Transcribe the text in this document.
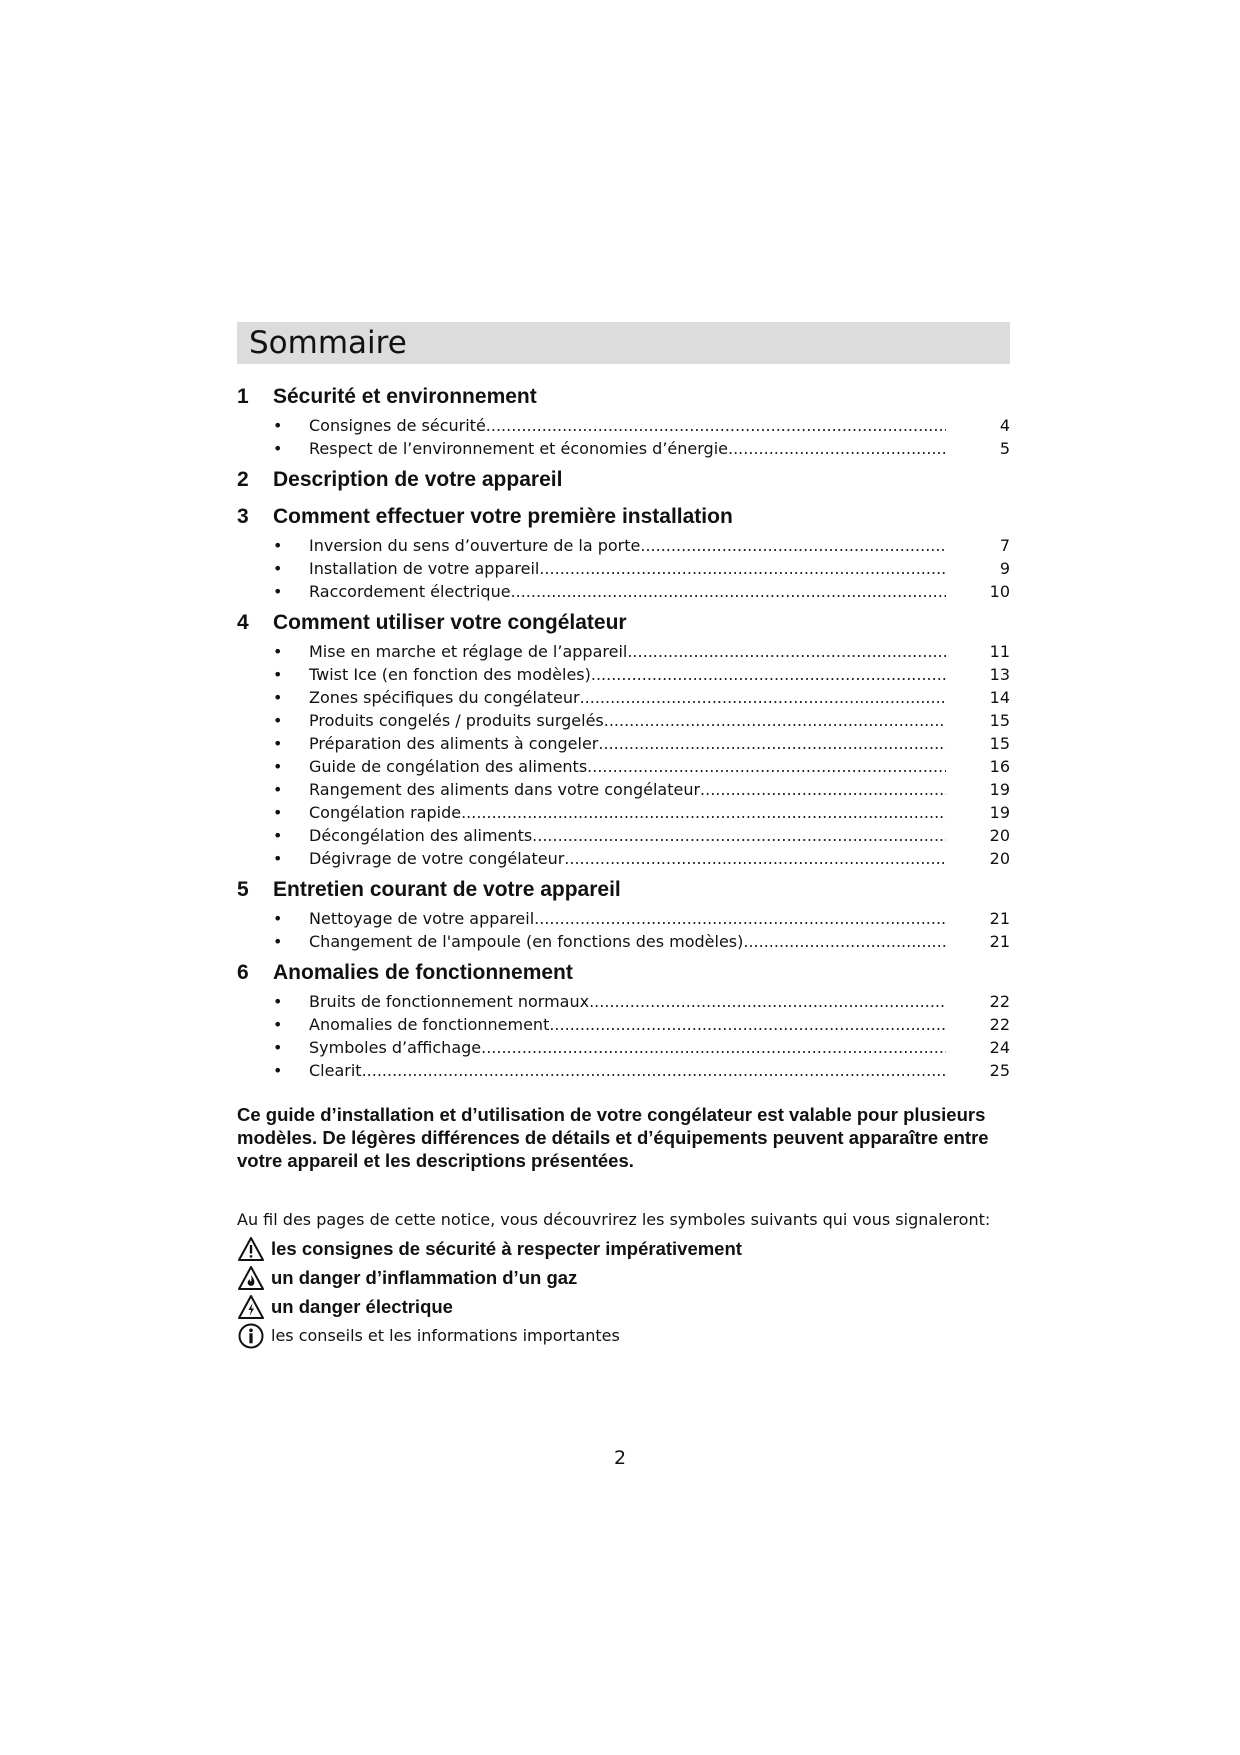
Sommaire
1	Sécurité et environnement
•	Consignes de sécurité .....	4
•	Respect de l’environnement et économies d’énergie .....	5
2	Description de votre appareil
3	Comment effectuer votre première installation
•	Inversion du sens d’ouverture de la porte .....	7
•	Installation de votre appareil .....	9
•	Raccordement électrique .....	10
4	Comment utiliser votre congélateur
•	Mise en marche et réglage de l’appareil .....	11
•	Twist Ice (en fonction des modèles) .....	13
•	Zones spécifiques du congélateur .....	14
•	Produits congelés / produits surgelés .....	15
•	Préparation des aliments à congeler .....	15
•	Guide de congélation des aliments .....	16
•	Rangement des aliments dans votre congélateur .....	19
•	Congélation rapide .....	19
•	Décongélation des aliments .....	20
•	Dégivrage de votre congélateur .....	20
5	Entretien courant de votre appareil
•	Nettoyage de votre appareil .....	21
•	Changement de l'ampoule (en fonctions des modèles) .....	21
6	Anomalies de fonctionnement
•	Bruits de fonctionnement normaux .....	22
•	Anomalies de fonctionnement .....	22
•	Symboles d’affichage .....	24
•	Clearit .....	25
Ce guide d’installation et d’utilisation de votre congélateur est valable pour plusieurs modèles. De légères différences de détails et d’équipements peuvent apparaître entre votre appareil et les descriptions présentées.
Au fil des pages de cette notice, vous découvrirez les symboles suivants qui vous signaleront:
les consignes de sécurité à respecter impérativement
un danger d’inflammation d’un gaz
un danger électrique
les conseils et les informations importantes
2
